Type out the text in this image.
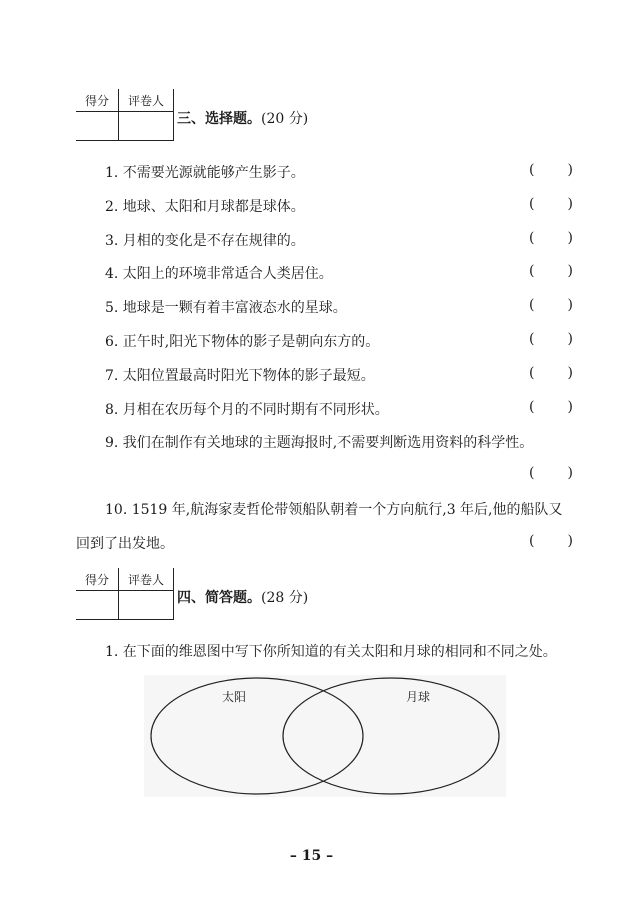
得分	评卷人

三、选择题。(20 分)
1. 不需要光源就能够产生影子。	( )
2. 地球、太阳和月球都是球体。	( )
3. 月相的变化是不存在规律的。	( )
4. 太阳上的环境非常适合人类居住。	( )
5. 地球是一颗有着丰富液态水的星球。	( )
6. 正午时,阳光下物体的影子是朝向东方的。	( )
7. 太阳位置最高时阳光下物体的影子最短。	( )
8. 月相在农历每个月的不同时期有不同形状。	( )
9. 我们在制作有关地球的主题海报时,不需要判断选用资料的科学性。
( )
10. 1519 年,航海家麦哲伦带领船队朝着一个方向航行,3 年后,他的船队又
回到了出发地。	( )
得分	评卷人

四、简答题。(28 分)
1. 在下面的维恩图中写下你所知道的有关太阳和月球的相同和不同之处。
太阳	月球
– 15 –
